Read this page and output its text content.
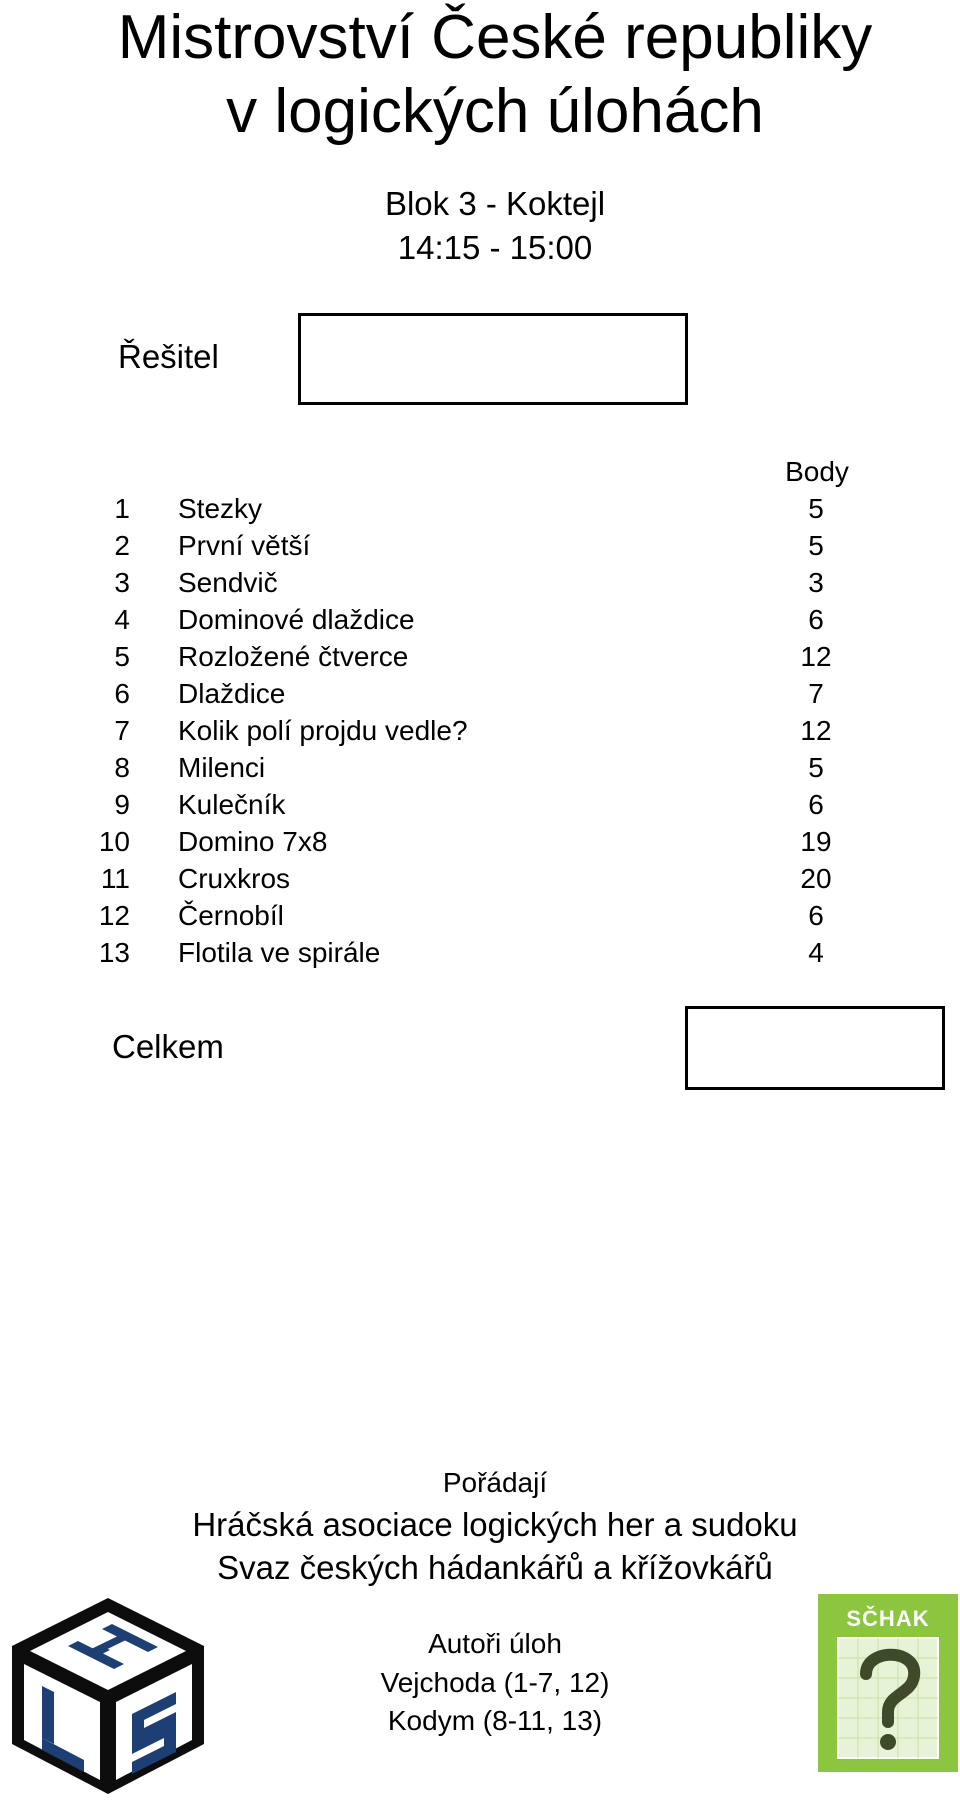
Mistrovství České republiky
v logických úlohách
Blok 3 - Koktejl
14:15 - 15:00
Řešitel
Body
1 Stezky	5
2 První větší	5
3 Sendvič	3
4 Dominové dlaždice	6
5 Rozložené čtverce	12
6 Dlaždice	7
7 Kolik polí projdu vedle?	12
8 Milenci	5
9 Kulečník	6
10 Domino 7x8	19
11 Cruxkros	20
12 Černobíl	6
13 Flotila ve spirále	4
Celkem
Pořádají
Hráčská asociace logických her a sudoku
Svaz českých hádankářů a křížovkářů
Autoři úloh
Vejchoda (1-7, 12)
Kodym (8-11, 13)
SČHAK
